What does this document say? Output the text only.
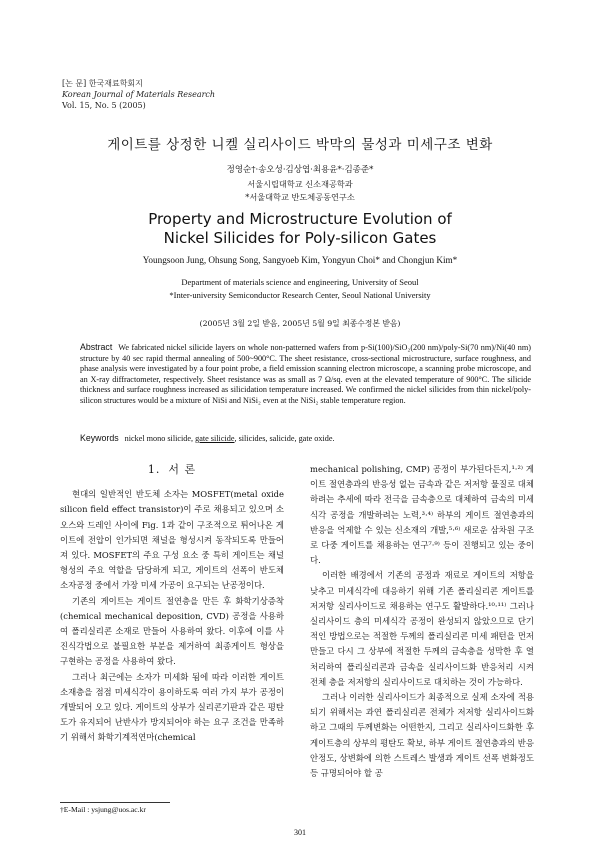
[논 문] 한국재료학회지
Korean Journal of Materials Research
Vol. 15, No. 5 (2005)
게이트를 상정한 니켈 실리사이드 박막의 물성과 미세구조 변화
정영순†·송오성·김상엽·최용윤*·김종준*
서울시립대학교 신소재공학과
*서울대학교 반도체공동연구소
Property and Microstructure Evolution of
Nickel Silicides for Poly-silicon Gates
Youngsoon Jung, Ohsung Song, Sangyoeb Kim, Yongyun Choi* and Chongjun Kim*
Department of materials science and engineering, University of Seoul
*Inter-university Semiconductor Research Center, Seoul National University
(2005년 3월 2일 받음, 2005년 5월 9일 최종수정본 받음)
Abstract We fabricated nickel silicide layers on whole non-patterned wafers from p-Si(100)/SiO₂(200 nm)/poly-Si(70 nm)/Ni(40 nm) structure by 40 sec rapid thermal annealing of 500~900°C. The sheet resistance, cross-sectional microstructure, surface roughness, and phase analysis were investigated by a four point probe, a field emission scanning electron microscope, a scanning probe microscope, and an X-ray diffractometer, respectively. Sheet resistance was as small as 7 Ω/sq. even at the elevated temperature of 900°C. The silicide thickness and surface roughness increased as silicidation temperature increased. We confirmed the nickel silicides from thin nickel/poly-silicon structures would be a mixture of NiSi and NiSi₂ even at the NiSi₂ stable temperature region.
Keywords nickel mono silicide, gate silicide, silicides, salicide, gate oxide.
1. 서 론

현대의 일반적인 반도체 소자는 MOSFET(metal oxide silicon field effect transistor)이 주로 채용되고 있으며 소오스와 드레인 사이에 Fig. 1과 같이 구조적으로 튀어나온 게이트에 전압이 인가되면 채널을 형성시켜 동작되도록 만들어져 있다. MOSFET의 주요 구성 요소 중 특히 게이트는 채널 형성의 주요 역할을 담당하게 되고, 게이트의 선폭이 반도체 소자공정 중에서 가장 미세 가공이 요구되는 난공정이다.

기존의 게이트는 게이트 절연층을 만든 후 화학기상증착(chemical mechanical deposition, CVD) 공정을 사용하여 폴리실리콘 소재로 만들어 사용하여 왔다. 이후에 이를 사진식각법으로 불필요한 부분을 제거하여 최종게이트 형상을 구현하는 공정을 사용하여 왔다.

그러나 최근에는 소자가 미세화 됨에 따라 이러한 게이트 소재층을 점점 미세식각이 용이하도록 여러 가지 부가 공정이 개발되어 오고 있다. 게이트의 상부가 실리콘기판과 같은 평탄도가 유지되어 난반사가 방지되어야 하는 요구 조건을 만족하기 위해서 화학기계적연마(chemical

mechanical polishing, CMP) 공정이 부가된다든지,¹·²⁾ 게이트 절연층과의 반응성 없는 금속과 같은 저저항 물질로 대체하려는 추세에 따라 전극을 금속층으로 대체하여 금속의 미세식각 공정을 개발하려는 노력,³·⁴⁾ 하부의 게이트 절연층과의 반응을 억제할 수 있는 신소재의 개발,⁵·⁶⁾ 새로운 삼차원 구조로 다중 게이트를 채용하는 연구⁷·⁹⁾ 등이 진행되고 있는 중이다.

이러한 배경에서 기존의 공정과 재료로 게이트의 저항을 낮추고 미세식각에 대응하기 위해 기존 폴리실리콘 게이트를 저저항 실리사이드로 채용하는 연구도 활발하다.¹⁰·¹¹⁾ 그러나 실리사이드 층의 미세식각 공정이 완성되지 않았으므로 단기적인 방법으로는 적절한 두께의 폴리실리콘 미세 패턴을 먼저 만들고 다시 그 상부에 적절한 두께의 금속층을 성막한 후 열처리하여 폴리실리콘과 금속을 실리사이드화 반응처리 시켜 전체 층을 저저항의 실리사이드로 대치하는 것이 가능하다.

그러나 이러한 실리사이드가 최종적으로 실제 소자에 적용되기 위해서는 과연 폴리실리콘 전체가 저저항 실리사이드화 하고 그때의 두께변화는 어떤한지, 그리고 실리사이드화한 후 게이트층의 상부의 평탄도 확보, 하부 게이트 절연층과의 반응 안정도, 상변화에 의한 스트레스 발생과 게이트 선폭 변화정도 등 규명되어야 할 공

†E-Mail : ysjung@uos.ac.kr
301
